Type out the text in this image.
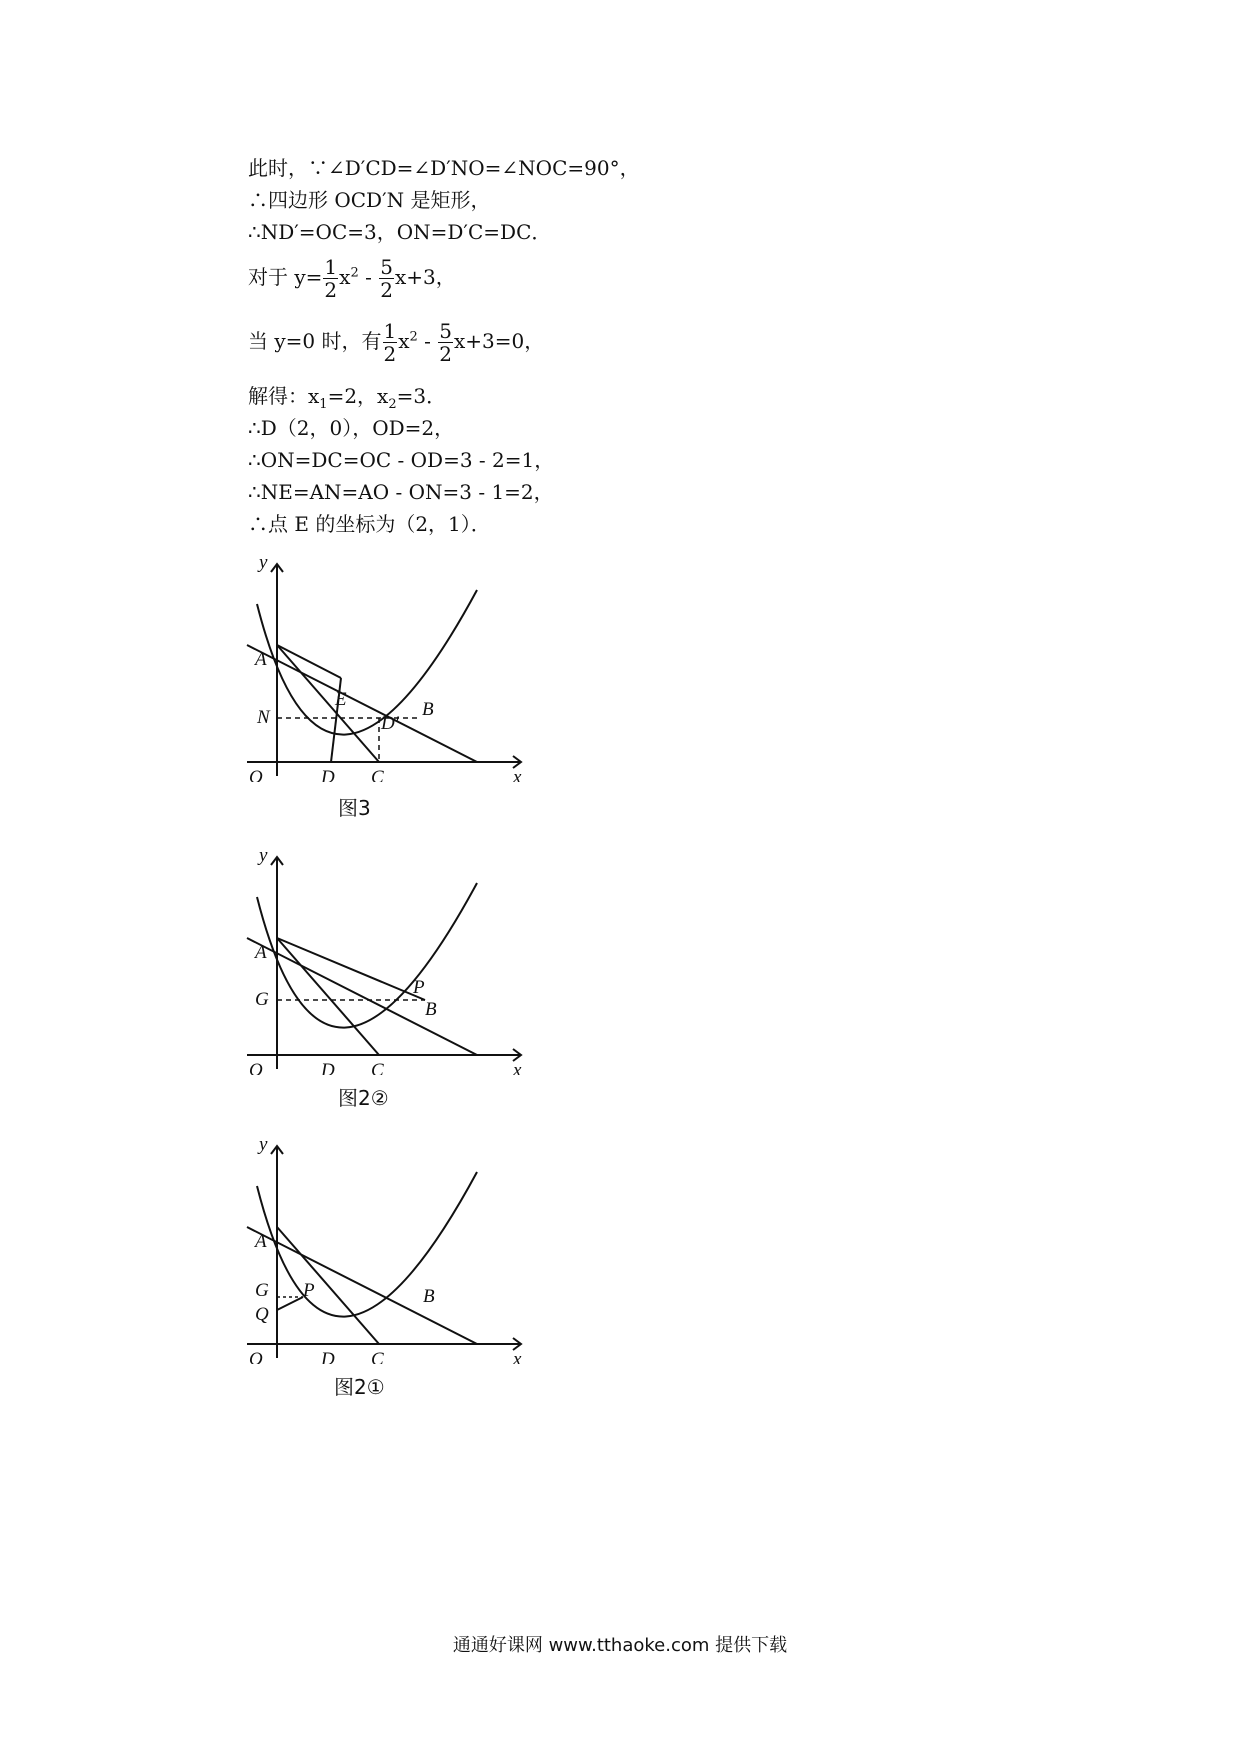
此时，∵∠D′CD=∠D′NO=∠NOC=90°，
∴四边形 OCD′N 是矩形，
∴ND′=OC=3，ON=D′C=DC．
对于 $y= \frac{1}{2} x^2 - \frac{5}{2} x+3$，
当 y=0 时，有 $\frac{1}{2} x^2 - \frac{5}{2} x+3=0$，
解得：$x_1=2$，$x_2=3$．
∴D（2，0），OD=2，
∴ON=DC=OC - OD=3 - 2=1，
∴NE=AN=AO - ON=3 - 1=2，
∴点 E 的坐标为（2，1）．
y
x
O
A
N
E
D′
B
D C
图3
y
x
O
A
G
P
B
D C
图2②
y
x
O
A
G
Q
P	B
D C
图2①
通通好课网 www.tthaoke.com 提供下载
